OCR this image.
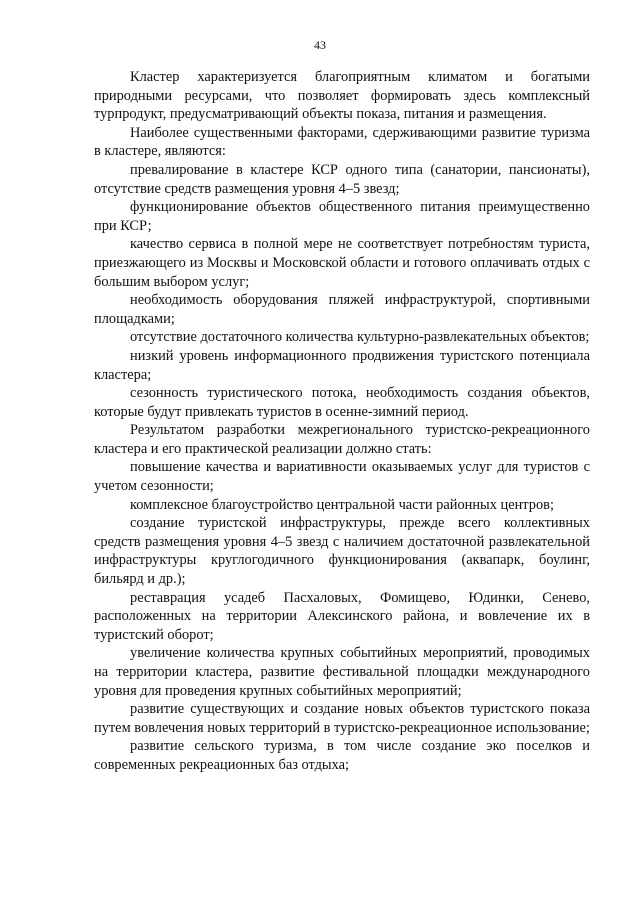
43

Кластер характеризуется благоприятным климатом и богатыми природными ресурсами, что позволяет формировать здесь комплексный турпродукт, предусматривающий объекты показа, питания и размещения.

Наиболее существенными факторами, сдерживающими развитие туризма в кластере, являются:

превалирование в кластере КСР одного типа (санатории, пансионаты), отсутствие средств размещения уровня 4–5 звезд;

функционирование объектов общественного питания преимущественно при КСР;

качество сервиса в полной мере не соответствует потребностям туриста, приезжающего из Москвы и Московской области и готового оплачивать отдых с большим выбором услуг;

необходимость оборудования пляжей инфраструктурой, спортивными площадками;

отсутствие достаточного количества культурно-развлекательных объектов;

низкий уровень информационного продвижения туристского потенциала кластера;

сезонность туристического потока, необходимость создания объектов, которые будут привлекать туристов в осенне-зимний период.

Результатом разработки межрегионального туристско-рекреационного кластера и его практической реализации должно стать:

повышение качества и вариативности оказываемых услуг для туристов с учетом сезонности;

комплексное благоустройство центральной части районных центров;

создание туристской инфраструктуры, прежде всего коллективных средств размещения уровня 4–5 звезд с наличием достаточной развлекательной инфраструктуры круглогодичного функционирования (аквапарк, боулинг, бильярд и др.);

реставрация усадеб Пасхаловых, Фомищево, Юдинки, Сенево, расположенных на территории Алексинского района, и вовлечение их в туристский оборот;

увеличение количества крупных событийных мероприятий, проводимых на территории кластера, развитие фестивальной площадки международного уровня для проведения крупных событийных мероприятий;

развитие существующих и создание новых объектов туристского показа путем вовлечения новых территорий в туристско-рекреационное использование;

развитие сельского туризма, в том числе создание эко поселков и современных рекреационных баз отдыха;
